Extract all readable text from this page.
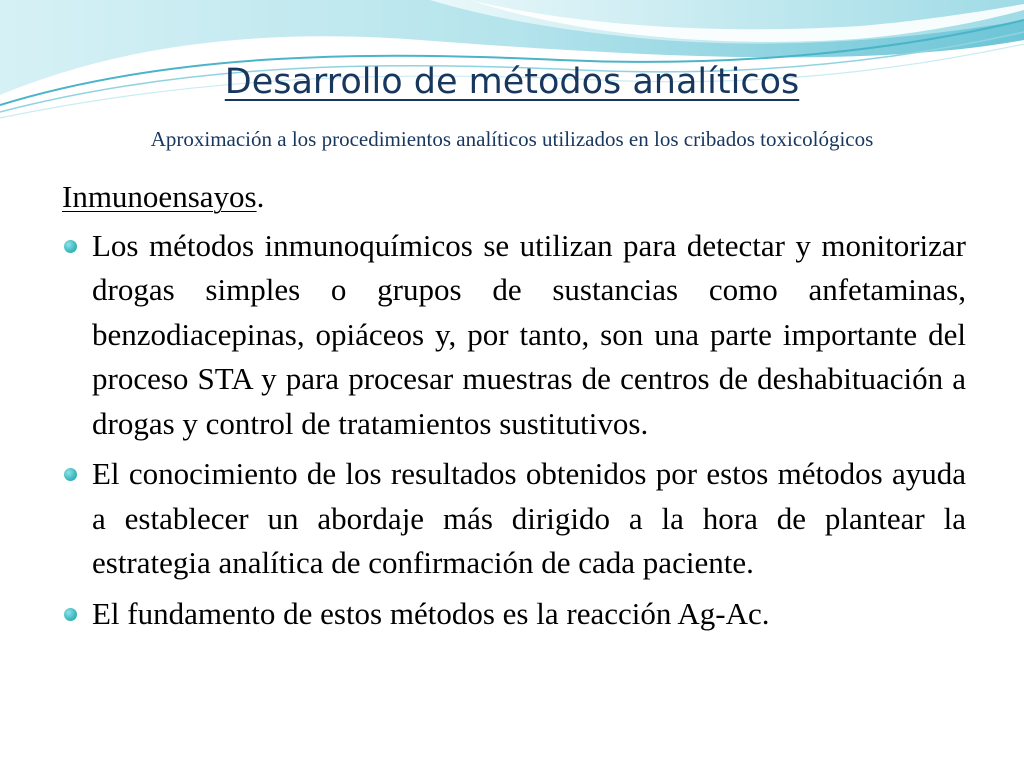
Desarrollo de métodos analíticos
Aproximación a los procedimientos analíticos utilizados en los cribados toxicológicos
Inmunoensayos.
Los métodos inmunoquímicos se utilizan para detectar y monitorizar drogas simples o grupos de sustancias como anfetaminas, benzodiacepinas, opiáceos y, por tanto, son una parte importante del proceso STA y para procesar muestras de centros de deshabituación a drogas y control de tratamientos sustitutivos.
El conocimiento de los resultados obtenidos por estos métodos ayuda a establecer un abordaje más dirigido a la hora de plantear la estrategia analítica de confirmación de cada paciente.
El fundamento de estos métodos es la reacción Ag-Ac.
